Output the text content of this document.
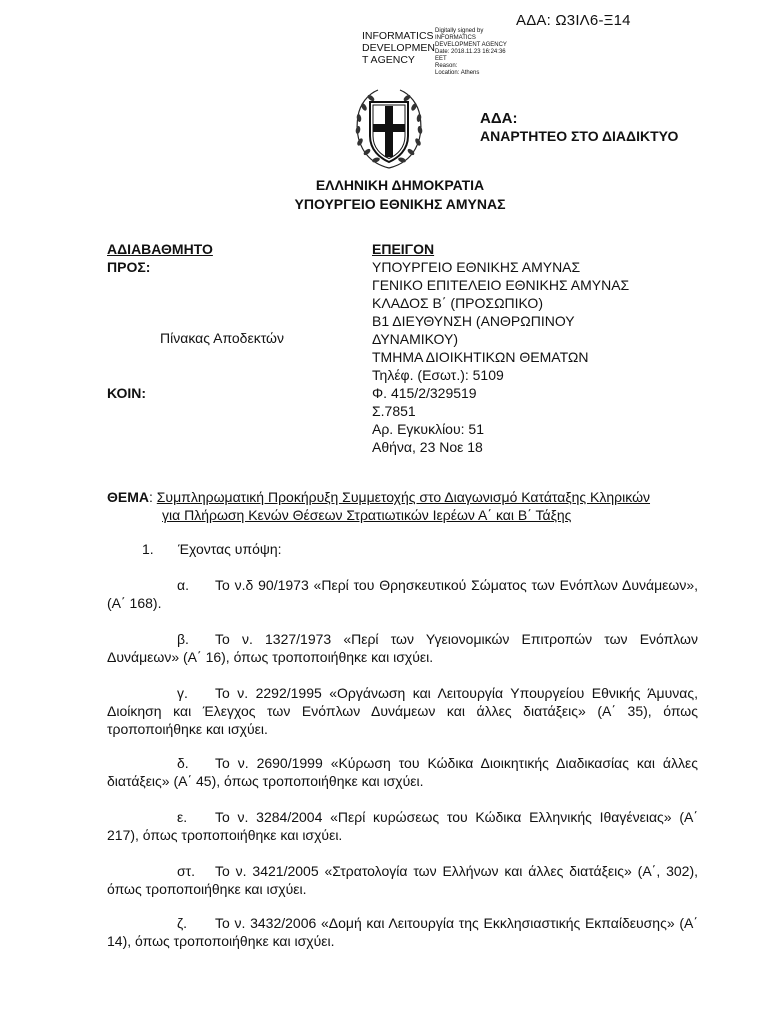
ΑΔΑ: Ω3ΙΛ6-Ξ14
INFORMATICS DEVELOPMEN T AGENCY
Digitally signed by
INFORMATICS
DEVELOPMENT AGENCY
Date: 2018.11.23 16:24:36
EET
Reason:
Location: Athens
ΑΔΑ:
ΑΝΑΡΤΗΤΕΟ ΣΤΟ ΔΙΑΔΙΚΤΥΟ
ΕΛΛΗΝΙΚΗ ΔΗΜΟΚΡΑΤΙΑ
ΥΠΟΥΡΓΕΙΟ ΕΘΝΙΚΗΣ ΑΜΥΝΑΣ
ΑΔΙΑΒΑΘΜΗΤΟ
ΠΡΟΣ:
Πίνακας Αποδεκτών
ΚΟΙΝ:
ΕΠΕΙΓΟΝ
ΥΠΟΥΡΓΕΙΟ ΕΘΝΙΚΗΣ ΑΜΥΝΑΣ
ΓΕΝΙΚΟ ΕΠΙΤΕΛΕΙΟ ΕΘΝΙΚΗΣ ΑΜΥΝΑΣ
ΚΛΑΔΟΣ Β΄ (ΠΡΟΣΩΠΙΚΟ)
Β1 ΔΙΕΥΘΥΝΣΗ (ΑΝΘΡΩΠΙΝΟΥ
ΔΥΝΑΜΙΚΟΥ)
ΤΜΗΜΑ ΔΙΟΙΚΗΤΙΚΩΝ ΘΕΜΑΤΩΝ
Τηλέφ. (Εσωτ.): 5109
Φ. 415/2/329519
Σ.7851
Αρ. Εγκυκλίου: 51
Αθήνα, 23 Νοε 18
ΘΕΜΑ: Συμπληρωματική Προκήρυξη Συμμετοχής στο Διαγωνισμό Κατάταξης Κληρικών
για Πλήρωση Κενών Θέσεων Στρατιωτικών Ιερέων Α΄ και Β΄ Τάξης
1. Έχοντας υπόψη:
α. Το ν.δ 90/1973 «Περί του Θρησκευτικού Σώματος των Ενόπλων Δυνάμεων», (Α΄ 168).
β. Το ν. 1327/1973 «Περί των Υγειονομικών Επιτροπών των Ενόπλων Δυνάμεων» (Α΄ 16), όπως τροποποιήθηκε και ισχύει.
γ. Το ν. 2292/1995 «Οργάνωση και Λειτουργία Υπουργείου Εθνικής Άμυνας, Διοίκηση και Έλεγχος των Ενόπλων Δυνάμεων και άλλες διατάξεις» (Α΄ 35), όπως τροποποιήθηκε και ισχύει.
δ. Το ν. 2690/1999 «Κύρωση του Κώδικα Διοικητικής Διαδικασίας και άλλες διατάξεις» (Α΄ 45), όπως τροποποιήθηκε και ισχύει.
ε. Το ν. 3284/2004 «Περί κυρώσεως του Κώδικα Ελληνικής Ιθαγένειας» (Α΄ 217), όπως τροποποιήθηκε και ισχύει.
στ. Το ν. 3421/2005 «Στρατολογία των Ελλήνων και άλλες διατάξεις» (Α΄, 302), όπως τροποποιήθηκε και ισχύει.
ζ. Το ν. 3432/2006 «Δομή και Λειτουργία της Εκκλησιαστικής Εκπαίδευσης» (Α΄ 14), όπως τροποποιήθηκε και ισχύει.
